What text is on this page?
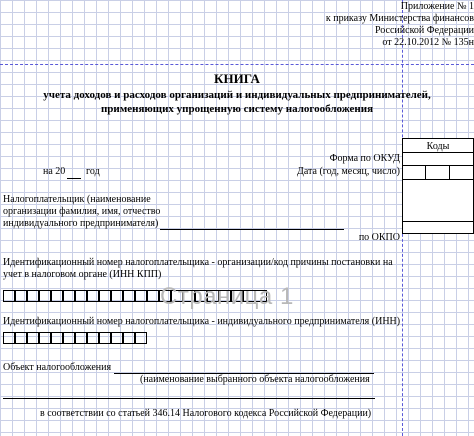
Приложение № 1
к приказу Министерства финансов
Российской Федерации
от 22.10.2012 № 135н
КНИГА
учета доходов и расходов организаций и индивидуальных предпринимателей,
применяющих упрощенную систему налогообложения
Коды
Форма по ОКУД
Дата (год, месяц, число)
по ОКПО
на 20 год
Налогоплательщик (наименование
организации фамилия, имя, отчество
индивидуального предпринимателя)
Идентификационный номер налогоплательщика - организации/код причины постановки на
учет в налоговом органе (ИНН КПП)
Идентификационный номер налогоплательщика - индивидуального предпринимателя (ИНН)
Объект налогообложения
(наименование выбранного объекта налогообложения
в соответствии со статьей 346.14 Налогового кодекса Российской Федерации)
Страница 1
